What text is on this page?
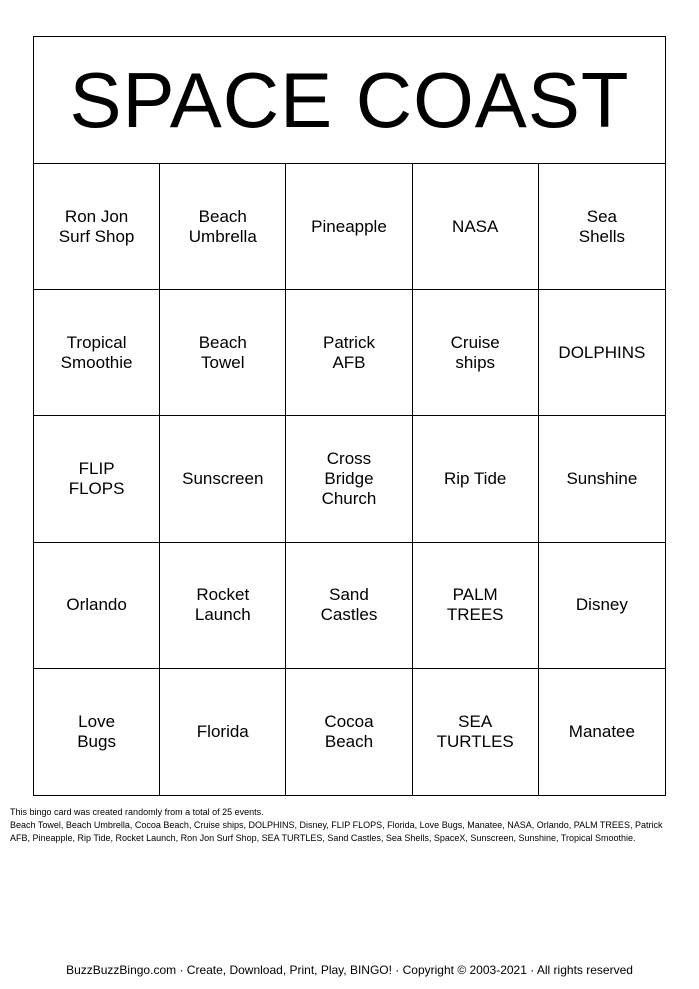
SPACE COAST
Ron Jon
Surf Shop
Beach
Umbrella
Pineapple	NASA
Sea
Shells
Tropical
Smoothie
Beach
Towel
Patrick
AFB
Cruise
ships
DOLPHINS
FLIP
FLOPS
Sunscreen
Cross
Bridge
Church
Rip Tide	Sunshine
Orlando
Rocket
Launch
Sand
Castles
PALM
TREES
Disney
Love
Bugs
Florida
Cocoa
Beach
SEA
TURTLES
Manatee

This bingo card was created randomly from a total of 25 events.

Beach Towel, Beach Umbrella, Cocoa Beach, Cruise ships, DOLPHINS, Disney, FLIP FLOPS, Florida, Love Bugs, Manatee, NASA, Orlando, PALM TREES, Patrick AFB, Pineapple, Rip Tide, Rocket Launch, Ron Jon Surf Shop, SEA TURTLES, Sand Castles, Sea Shells, SpaceX, Sunscreen, Sunshine, Tropical Smoothie.

BuzzBuzzBingo.com · Create, Download, Print, Play, BINGO! · Copyright © 2003-2021 · All rights reserved
